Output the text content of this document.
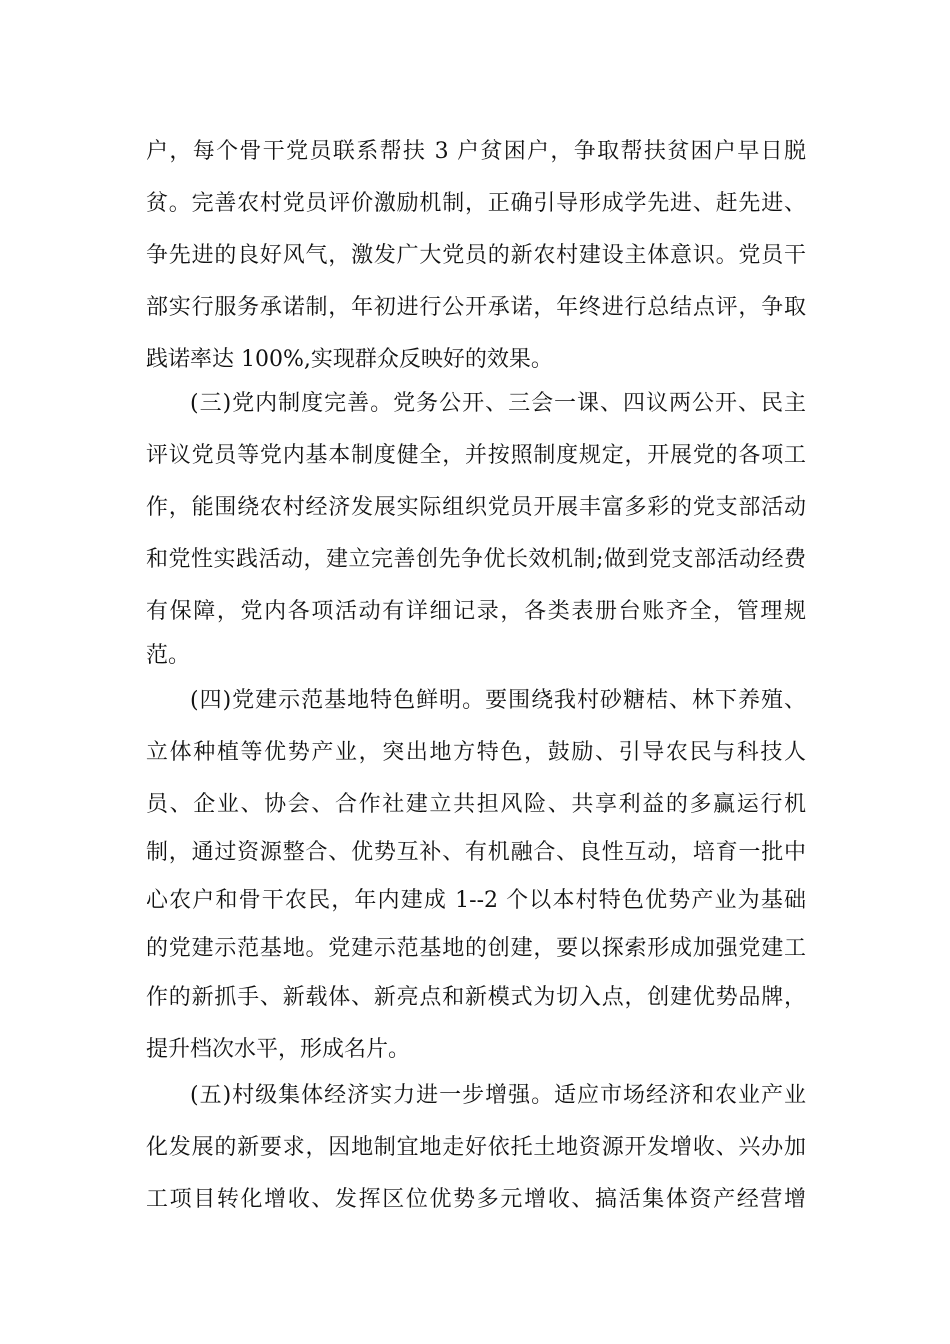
户，每个骨干党员联系帮扶 3 户贫困户，争取帮扶贫困户早日脱
贫。完善农村党员评价激励机制，正确引导形成学先进、赶先进、
争先进的良好风气，激发广大党员的新农村建设主体意识。党员干
部实行服务承诺制，年初进行公开承诺，年终进行总结点评，争取
践诺率达 100%,实现群众反映好的效果。
(三)党内制度完善。党务公开、三会一课、四议两公开、民主
评议党员等党内基本制度健全，并按照制度规定，开展党的各项工
作，能围绕农村经济发展实际组织党员开展丰富多彩的党支部活动
和党性实践活动，建立完善创先争优长效机制;做到党支部活动经费
有保障，党内各项活动有详细记录，各类表册台账齐全，管理规
范。
(四)党建示范基地特色鲜明。要围绕我村砂糖桔、林下养殖、
立体种植等优势产业，突出地方特色，鼓励、引导农民与科技人
员、企业、协会、合作社建立共担风险、共享利益的多赢运行机
制，通过资源整合、优势互补、有机融合、良性互动，培育一批中
心农户和骨干农民，年内建成 1--2 个以本村特色优势产业为基础
的党建示范基地。党建示范基地的创建，要以探索形成加强党建工
作的新抓手、新载体、新亮点和新模式为切入点，创建优势品牌，
提升档次水平，形成名片。
(五)村级集体经济实力进一步增强。适应市场经济和农业产业
化发展的新要求，因地制宜地走好依托土地资源开发增收、兴办加
工项目转化增收、发挥区位优势多元增收、搞活集体资产经营增
